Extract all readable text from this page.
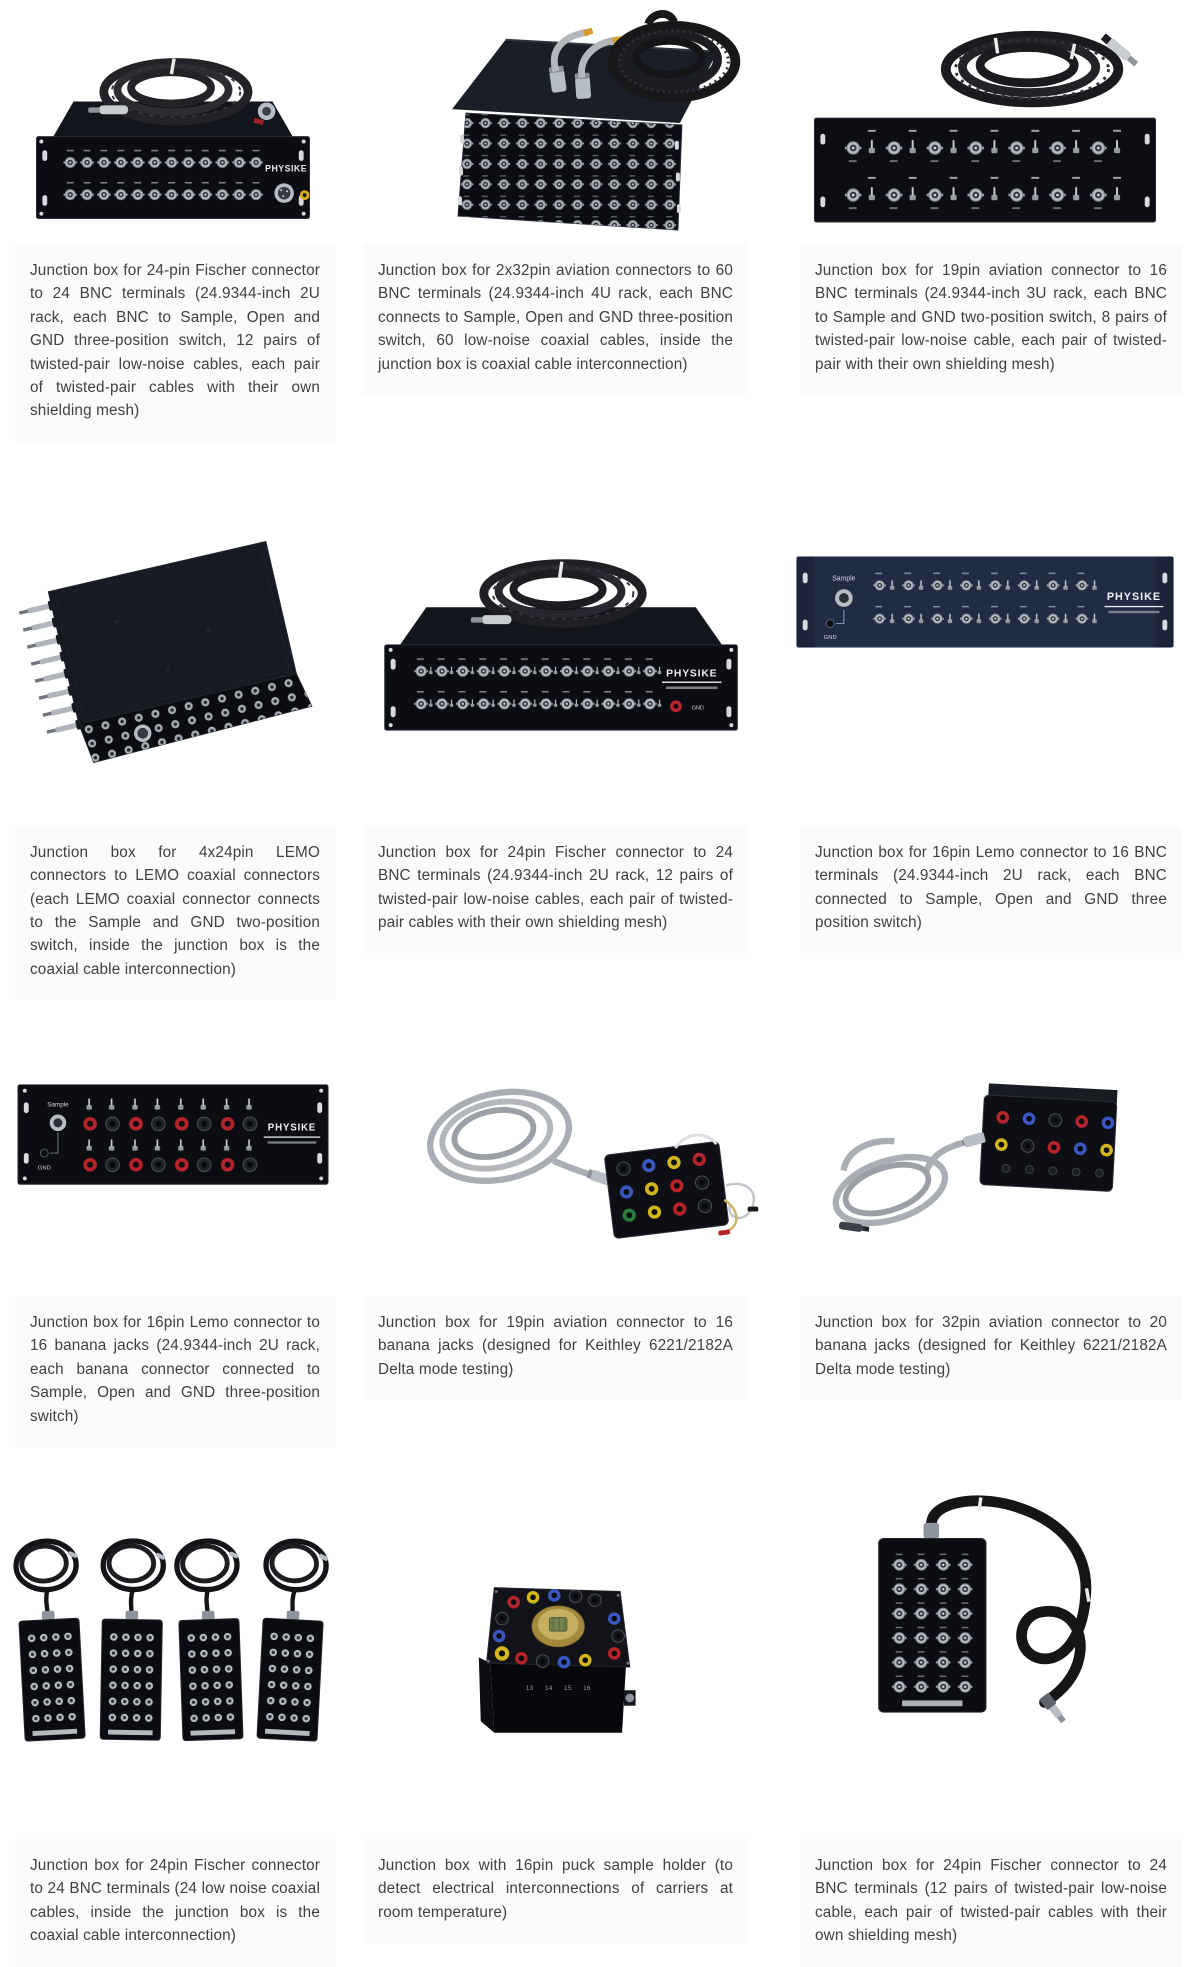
PHYSIKE

Junction box for 24-pin Fischer connector to 24 BNC terminals (24.9344-inch 2U rack, each BNC to Sample, Open and GND three-position switch, 12 pairs of twisted-pair low-noise cables, each pair of twisted-pair cables with their own shielding mesh)

Junction box for 2x32pin aviation connectors to 60 BNC terminals (24.9344-inch 4U rack, each BNC connects to Sample, Open and GND three-position switch, 60 low-noise coaxial cables, inside the junction box is coaxial cable interconnection)

Junction box for 19pin aviation connector to 16 BNC terminals (24.9344-inch 3U rack, each BNC to Sample and GND two-position switch, 8 pairs of twisted-pair low-noise cable, each pair of twisted-pair with their own shielding mesh)

PHYSIKE
GND
Sample
GND
PHYSIKE

Junction box for 4x24pin LEMO connectors to LEMO coaxial connectors (each LEMO coaxial connector connects to the Sample and GND two-position switch, inside the junction box is the coaxial cable interconnection)

Junction box for 24pin Fischer connector to 24 BNC terminals (24.9344-inch 2U rack, 12 pairs of twisted-pair low-noise cables, each pair of twisted-pair cables with their own shielding mesh)

Junction box for 16pin Lemo connector to 16 BNC terminals (24.9344-inch 2U rack, each BNC connected to Sample, Open and GND three position switch)

Sample
GND
PHYSIKE

Junction box for 16pin Lemo connector to 16 banana jacks (24.9344-inch 2U rack, each banana connector connected to Sample, Open and GND three-position switch)

Junction box for 19pin aviation connector to 16 banana jacks (designed for Keithley 6221/2182A Delta mode testing)

Junction box for 32pin aviation connector to 20 banana jacks (designed for Keithley 6221/2182A Delta mode testing)

13 14 15 16

Junction box for 24pin Fischer connector to 24 BNC terminals (24 low noise coaxial cables, inside the junction box is the coaxial cable interconnection)

Junction box with 16pin puck sample holder (to detect electrical interconnections of carriers at room temperature)

Junction box for 24pin Fischer connector to 24 BNC terminals (12 pairs of twisted-pair low-noise cable, each pair of twisted-pair cables with their own shielding mesh)
